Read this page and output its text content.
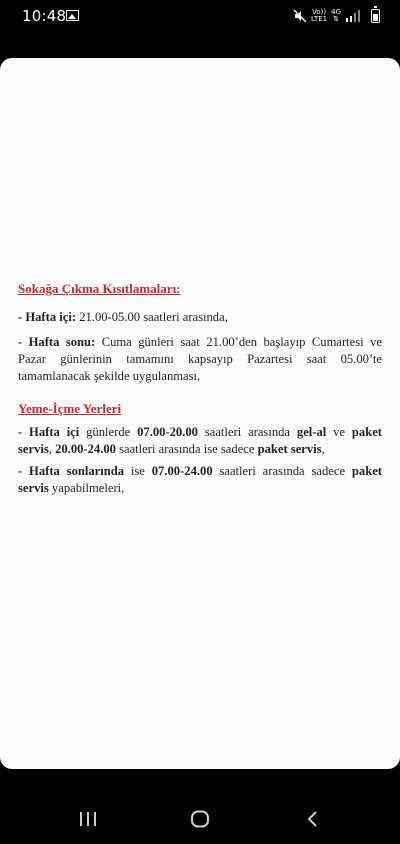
10:48	Vo))
LTE1
4G
⇅
Sokağa Çıkma Kısıtlamaları:

- Hafta içi: 21.00-05.00 saatleri arasında,

- Hafta sonu: Cuma günleri saat 21.00’den başlayıp Cumartesi ve Pazar günlerinin tamamını kapsayıp Pazartesi saat 05.00’te tamamlanacak şekilde uygulanması,

Yeme-İçme Yerleri

- Hafta içi günlerde 07.00-20.00 saatleri arasında gel-al ve paket servis, 20.00-24.00 saatleri arasında ise sadece paket servis,

- Hafta sonlarında ise 07.00-24.00 saatleri arasında sadece paket servis yapabilmeleri,
